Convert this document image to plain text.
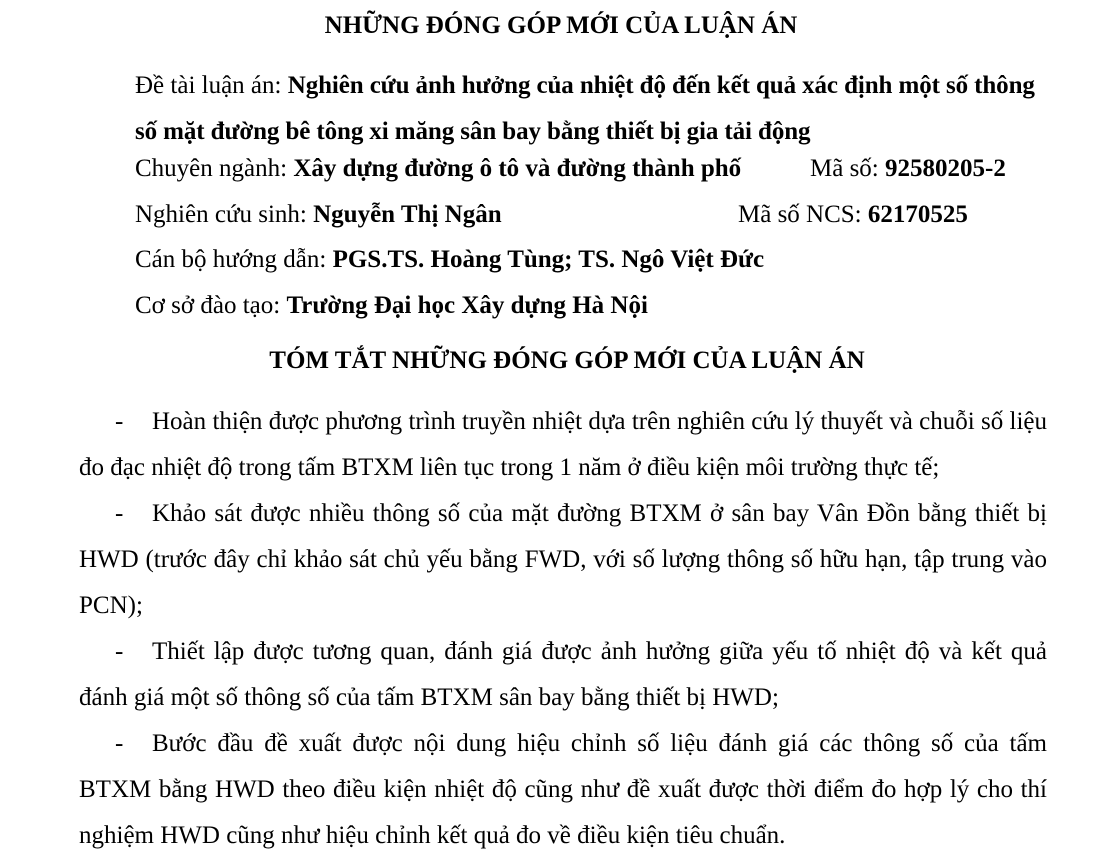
NHỮNG ĐÓNG GÓP MỚI CỦA LUẬN ÁN
Đề tài luận án: Nghiên cứu ảnh hưởng của nhiệt độ đến kết quả xác định một số thông số mặt đường bê tông xi măng sân bay bằng thiết bị gia tải động
Chuyên ngành: Xây dựng đường ô tô và đường thành phố	Mã số: 92580205-2
Nghiên cứu sinh: Nguyễn Thị Ngân	Mã số NCS: 62170525
Cán bộ hướng dẫn: PGS.TS. Hoàng Tùng; TS. Ngô Việt Đức
Cơ sở đào tạo: Trường Đại học Xây dựng Hà Nội
TÓM TẮT NHỮNG ĐÓNG GÓP MỚI CỦA LUẬN ÁN

- Hoàn thiện được phương trình truyền nhiệt dựa trên nghiên cứu lý thuyết và chuỗi số liệu đo đạc nhiệt độ trong tấm BTXM liên tục trong 1 năm ở điều kiện môi trường thực tế;

- Khảo sát được nhiều thông số của mặt đường BTXM ở sân bay Vân Đồn bằng thiết bị HWD (trước đây chỉ khảo sát chủ yếu bằng FWD, với số lượng thông số hữu hạn, tập trung vào PCN);

- Thiết lập được tương quan, đánh giá được ảnh hưởng giữa yếu tố nhiệt độ và kết quả đánh giá một số thông số của tấm BTXM sân bay bằng thiết bị HWD;

- Bước đầu đề xuất được nội dung hiệu chỉnh số liệu đánh giá các thông số của tấm BTXM bằng HWD theo điều kiện nhiệt độ cũng như đề xuất được thời điểm đo hợp lý cho thí nghiệm HWD cũng như hiệu chỉnh kết quả đo về điều kiện tiêu chuẩn.
